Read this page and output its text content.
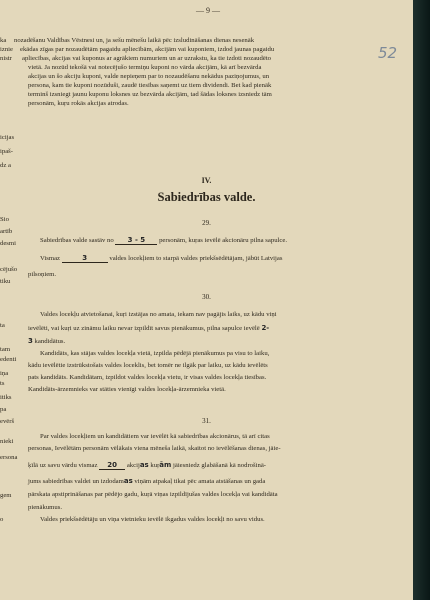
— 9 —
52
ka
iznie
nistr
icijas
ipaš-
dz a
Sio
artīb
desmi
cējušo
tiku
ta
tam
edenti
iņa
ts
itiks
pa
evērš
nieki
ersona
gem
o
nozadēšanu Valdības Vēstnesi un, ja sešu mēnešu laikā pēc izsludināšanas dienas nesenāk
ekādas zīgas par nozaudētām pagaidu apliecībām, akcijām vai kuponiem, izdod jaunas pagaidu
apliecības, akcijas vai kuponus ar agrākiem numuriem un ar uzrakstu, ka tie izdoti nozaudēto
vietā. Ja nozūd tekošā vai notecējušo termiņu kuponi no vārda akcijām, kā arī bezvārda
akcijas un šo akciju kuponi, valde nepieņem par to nozaudēšanu nekādus paziņojumus, un
persona, kam tie kuponi nozūduši, zaudē tiesības saņemt uz tiem dividendi. Bet kad pienāk
terminš izsniegt jaunu kuponu loksnes uz bezvārda akcijām, tad šādas loksnes izsniedz tām
personām, kuŗu rokās akcijas atrodas.
IV.
Sabiedrības valde.
29.
Sabiedrības valde sastāv no 3 - 5 personām, kuŗas ievēlē akcionāru pilna sapulce.
Vismaz	3	valdes locekļiem to starpā valdes priekšsēdētājam, jābūt Latvijas
pilsoņiem.
30.
Valdes locekļu atvietošanai, kuŗi izstājas no amata, iekam nav pagājis laiks, uz kādu viņi
ievēlēti, vai kuŗi uz zināmu laiku nevar izpildīt savus pienākumus, pilna sapulce ievēlē 2-
3 kandidātus.
Kandidāts, kas stājas valdes locekļa vietā, izpilda pēdējā pienākumus pa visu to laiku,
kādu ievēlētie izstrūkstošais valdes loceklis, bet tomēr ne ilgāk par laiku, uz kādu ievēlēts
pats kandidāts. Kandidātam, izpildot valdes locekļa vietu, ir visas valdes locekļa tiesības.
Kandidāts-ārzemnieks var stāties vienīgi valdes locekļa-ārzemnieka vietā.
31.
Par valdes locekļiem un kandidātiem var ievēlēt kā sabiedrības akcionārus, tā arī citas
personas, Ievēlētām personām vēlākais viena mēneša laikā, skaitot no ievēlēšanas dienas, jāie-
ķīlā uz savu vārdu vismaz 20 akcijas kuŗām jāiesniedz glabāšanā kā nodrošinā-
jums sabiedrības valdei un izdodamas viņām atpakaļ tikai pēc amata atstāšanas un gada
pārskata apstiprināšanas par pēdējo gadu, kuŗā viņas izpildījušas valdes locekļa vai kandidāta
pienākumus.
Valdes priekšsēdētāju un viņa vietnieku ievēlē ikgadus valdes locekļi no savu vidus.
